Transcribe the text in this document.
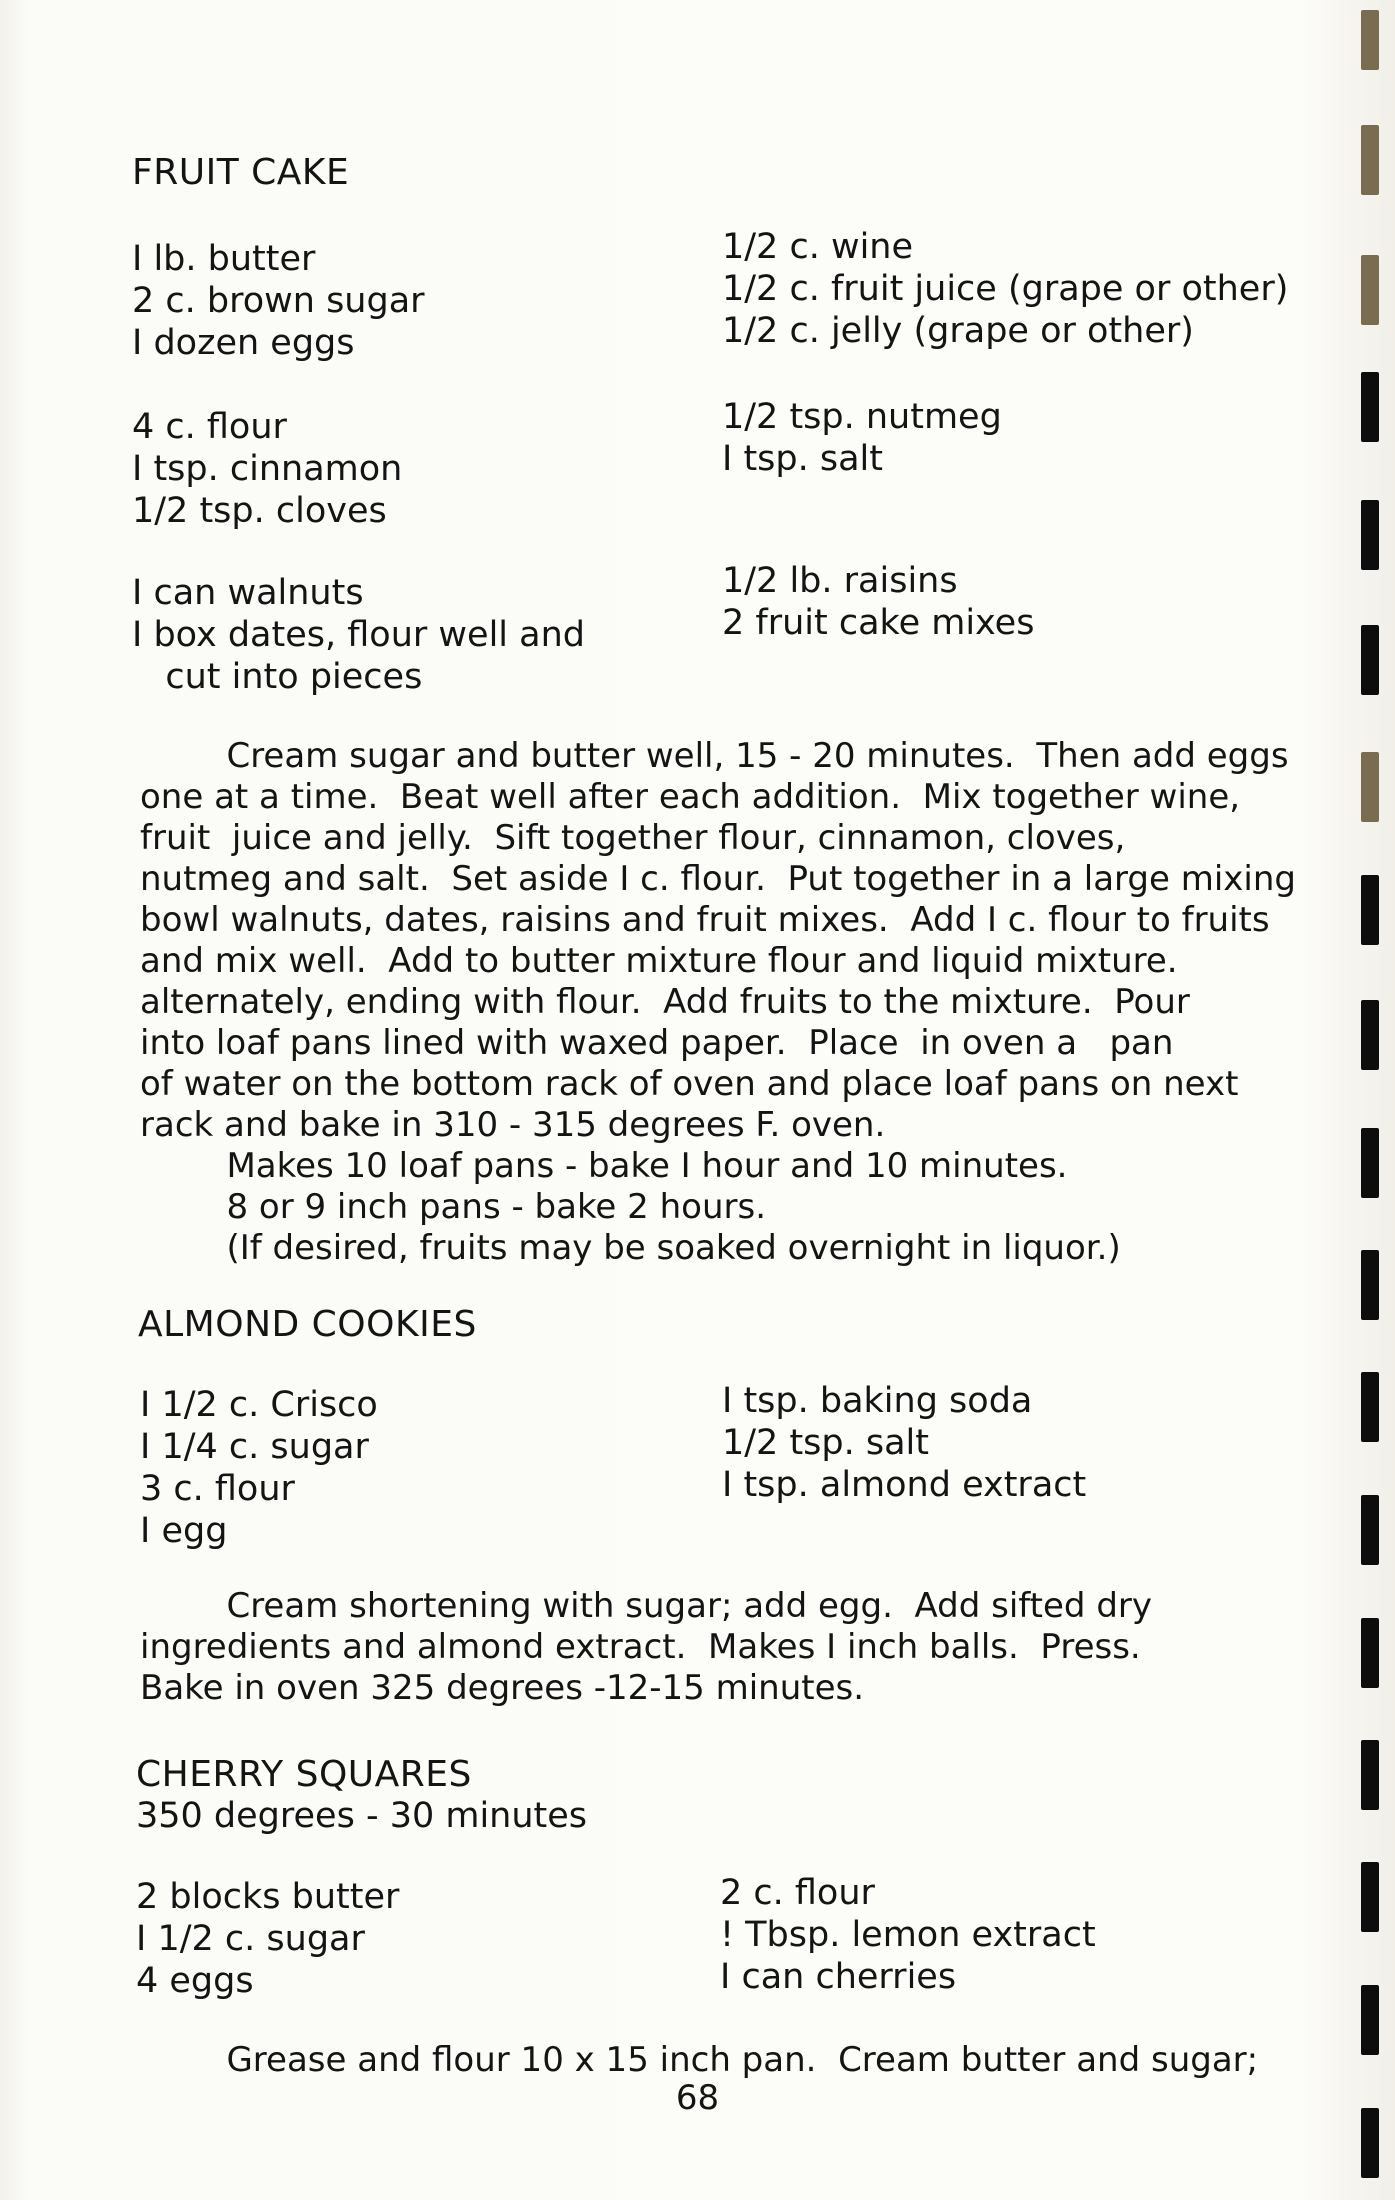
FRUIT CAKE
I lb. butter
2 c. brown sugar
I dozen eggs
1/2 c. wine
1/2 c. fruit juice (grape or other)
1/2 c. jelly (grape or other)
4 c. flour
I tsp. cinnamon
1/2 tsp. cloves
1/2 tsp. nutmeg
I tsp. salt
I can walnuts
I box dates, flour well and
cut into pieces
1/2 lb. raisins
2 fruit cake mixes
Cream sugar and butter well, 15 - 20 minutes.  Then add eggs
one at a time.  Beat well after each addition.  Mix together wine,
fruit  juice and jelly.  Sift together flour, cinnamon, cloves,
nutmeg and salt.  Set aside I c. flour.  Put together in a large mixing
bowl walnuts, dates, raisins and fruit mixes.  Add I c. flour to fruits
and mix well.  Add to butter mixture flour and liquid mixture.
alternately, ending with flour.  Add fruits to the mixture.  Pour
into loaf pans lined with waxed paper.  Place  in oven a   pan
of water on the bottom rack of oven and place loaf pans on next
rack and bake in 310 - 315 degrees F. oven.
Makes 10 loaf pans - bake I hour and 10 minutes.
8 or 9 inch pans - bake 2 hours.
(If desired, fruits may be soaked overnight in liquor.)
ALMOND COOKIES
I 1/2 c. Crisco
I 1/4 c. sugar
3 c. flour
I egg
I tsp. baking soda
1/2 tsp. salt
I tsp. almond extract
Cream shortening with sugar; add egg.  Add sifted dry
ingredients and almond extract.  Makes I inch balls.  Press.
Bake in oven 325 degrees -12-15 minutes.
CHERRY SQUARES
350 degrees - 30 minutes
2 blocks butter
I 1/2 c. sugar
4 eggs
2 c. flour
! Tbsp. lemon extract
I can cherries
Grease and flour 10 x 15 inch pan.  Cream butter and sugar;
68
